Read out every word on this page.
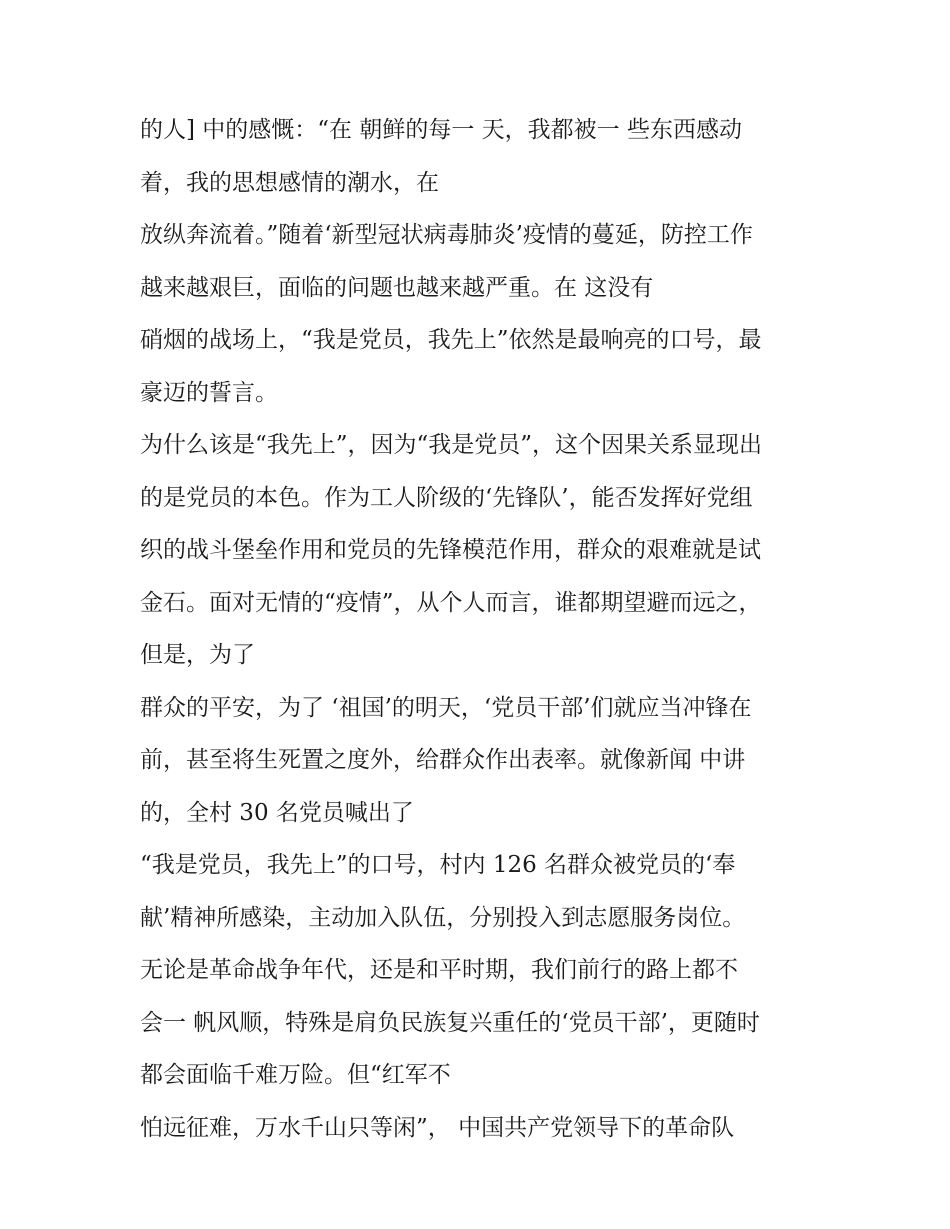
的人] 中的感慨：“在 朝鲜的每一 天，我都被一 些东西感动
着，我的思想感情的潮水，在
放纵奔流着。”随着‘新型冠状病毒肺炎’疫情的蔓延，防控工作
越来越艰巨，面临的问题也越来越严重。在 这没有
硝烟的战场上，“我是党员，我先上”依然是最响亮的口号，最
豪迈的誓言。
为什么该是“我先上”，因为“我是党员”，这个因果关系显现出
的是党员的本色。作为工人阶级的‘先锋队’，能否发挥好党组
织的战斗堡垒作用和党员的先锋模范作用，群众的艰难就是试
金石。面对无情的“疫情”，从个人而言，谁都期望避而远之，
但是，为了
群众的平安，为了 ‘祖国’的明天，‘党员干部’们就应当冲锋在
前，甚至将生死置之度外，给群众作出表率。就像新闻 中讲
的，全村 30 名党员喊出了
“我是党员，我先上”的口号，村内 126 名群众被党员的‘奉
献’精神所感染，主动加入队伍，分别投入到志愿服务岗位。
无论是革命战争年代，还是和平时期，我们前行的路上都不
会一 帆风顺，特殊是肩负民族复兴重任的‘党员干部’，更随时
都会面临千难万险。但“红军不
怕远征难，万水千山只等闲”， 中国共产党领导下的革命队
